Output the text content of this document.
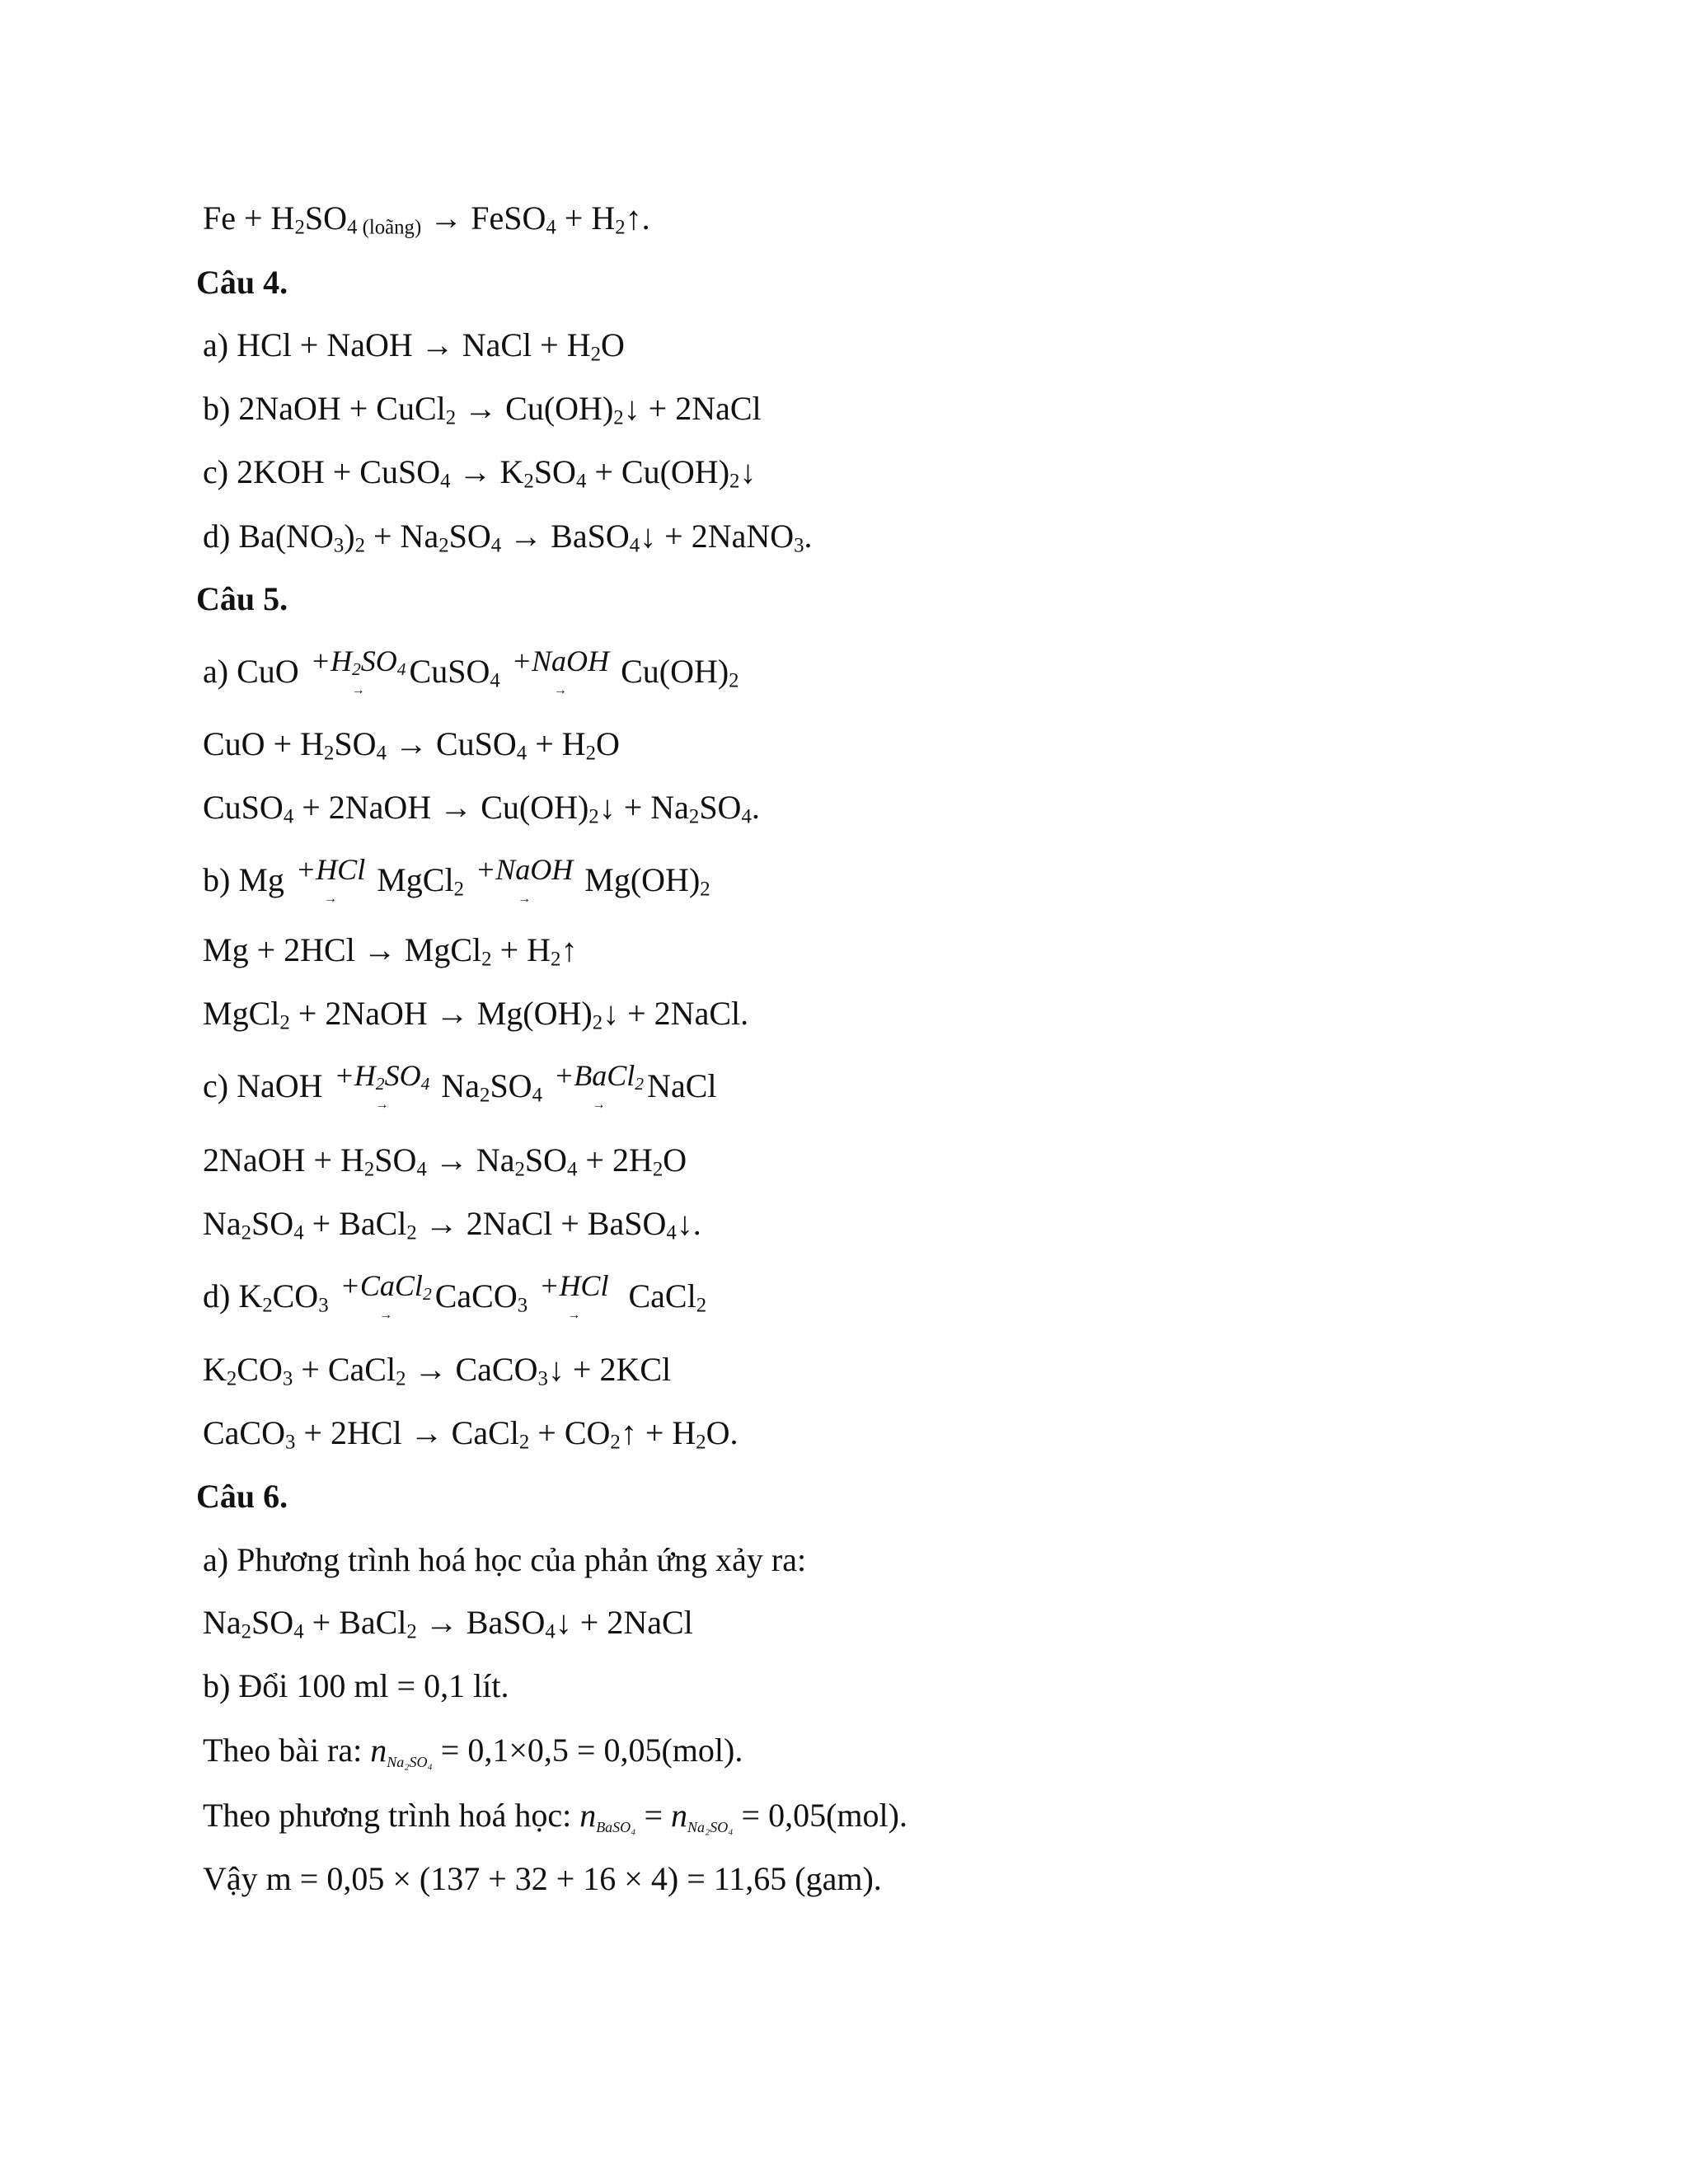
$Fe + H_2SO_{4 (loãng)}$ → FeSO$_4$ + $H_2↑$.
Câu 4.
a) HCl + NaOH → NaCl + $H_2O$
b) 2NaOH + CuCl$_2$ → $Cu(OH)_2↓$ + 2NaCl
c) 2KOH + CuSO$_4$ → $K_2SO_4$ + $Cu(OH)_2↓$
d) $Ba(NO_3)_2 + Na_2SO_4$ → BaSO$_4$↓ + 2NaNO$_3$.
Câu 5.
a) CuO $+H_2SO_4$
→
CuSO$_4$
+NaOH
→
$Cu(OH)_2$
CuO + $H_2SO_4$ → CuSO$_4$ + $H_2O$
CuSO$_4$ + 2NaOH → $Cu(OH)_2↓ + Na_2SO_4$.
b) Mg +HCl
→
MgCl$_2$
+NaOH
→
$Mg(OH)_2$
Mg + 2HCl → MgCl$_2$ + $H_2↑$
MgCl$_2$ + 2NaOH → $Mg(OH)_2↓$ + 2NaCl.
c) NaOH $+H_2SO_4$
→
$Na_2SO_4$
+BaCl$_2$
→
NaCl
2NaOH + $H_2SO_4 \to Na_2SO_4 + 2H_2O$
$Na_2SO_4$ + BaCl$_2$ → 2NaCl + BaSO$_4$↓.
d) $K_2CO_3$
+CaCl$_2$
→
CaCO$_3$
+HCl
→
CaCl$_2$
$K_2CO_3$ + CaCl$_2$ → CaCO$_3$↓ + 2KCl
CaCO$_3$ + 2HCl → CaCl$_2$ + $CO_2↑ + H_2O$.
Câu 6.
a) Phương trình hoá học của phản ứng xảy ra:
$Na_2SO_4$ + BaCl$_2$ → BaSO$_4$↓ + 2NaCl
b) Đổi 100 ml = 0,1 lít.
Theo bài ra: $n_{Na_2SO_4} = 0,1\times 0,5 = 0,05(mol)$.
Theo phương trình hoá học: $n_{BaSO_4} = n_{Na_2SO_4} = 0,05(mol)$.
Vậy m = 0,05 × (137 + 32 + 16 × 4) = 11,65 (gam).
